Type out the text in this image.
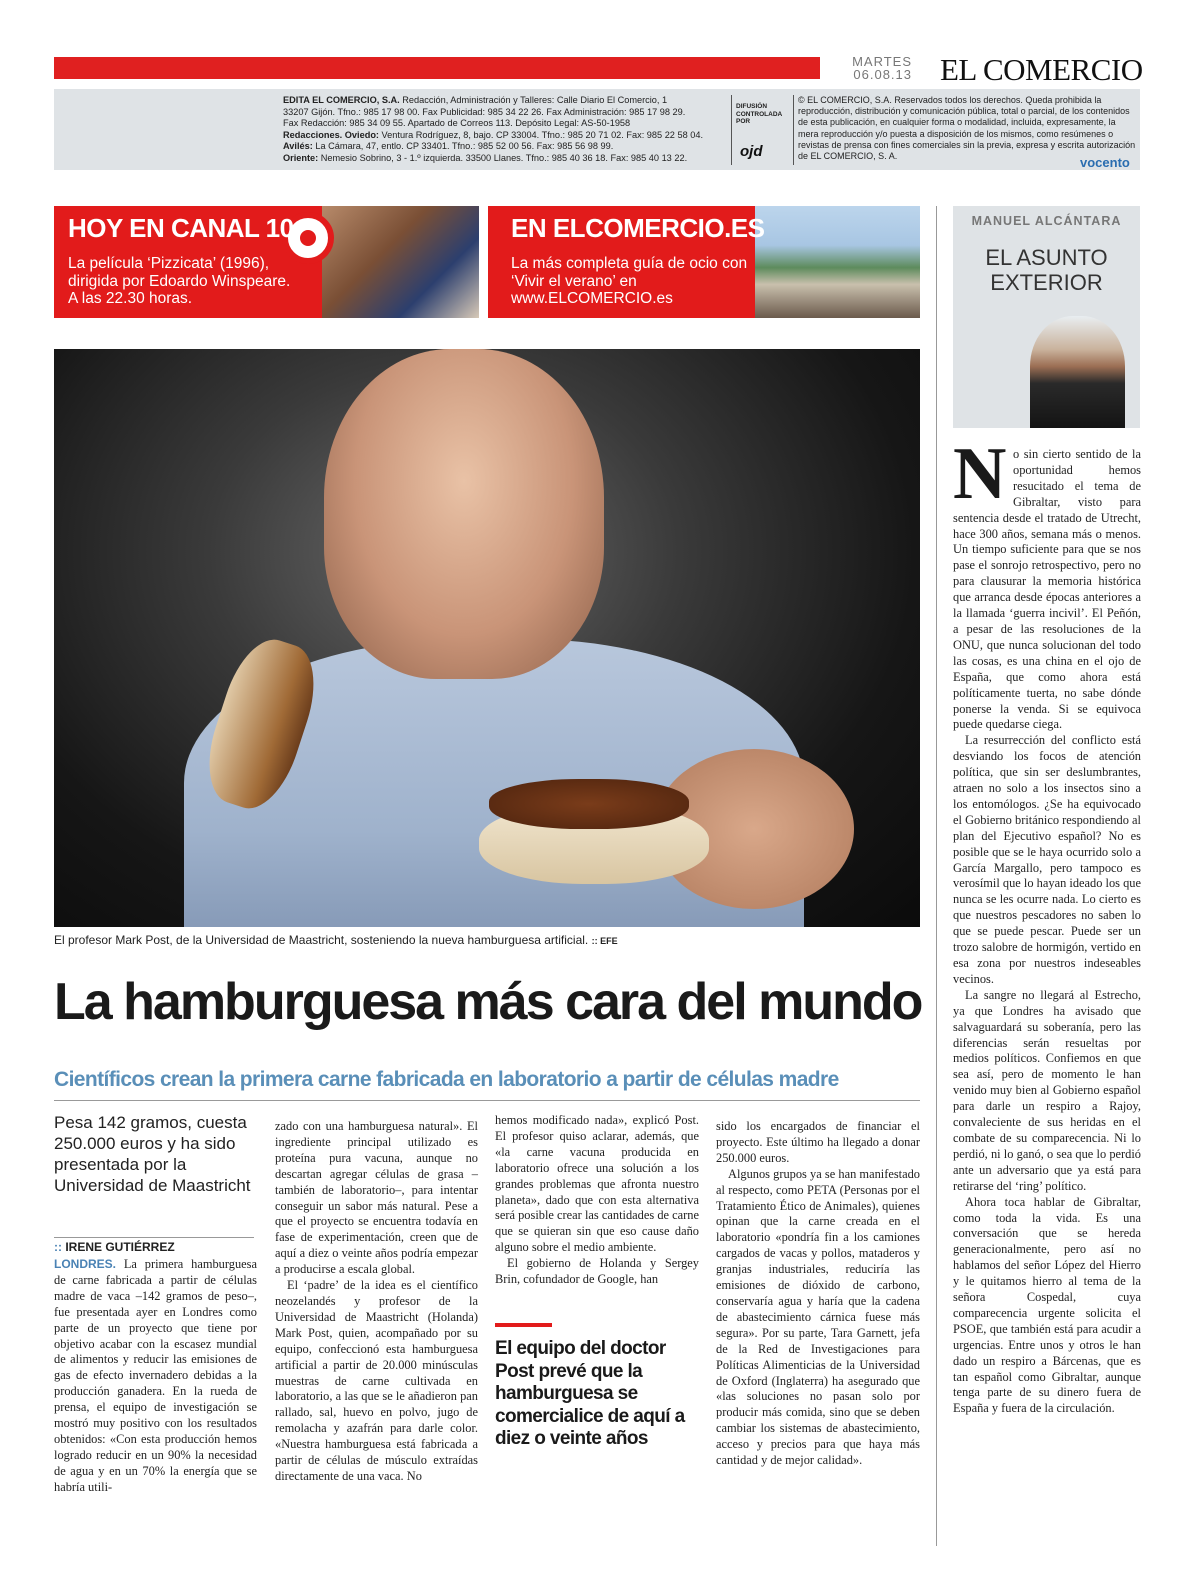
MARTES
06.08.13 EL COMERCIO
EDITA EL COMERCIO, S.A. Redacción, Administración y Talleres: Calle Diario El Comercio, 1
33207 Gijón. Tfno.: 985 17 98 00. Fax Publicidad: 985 34 22 26. Fax Administración: 985 17 98 29.
Fax Redacción: 985 34 09 55. Apartado de Correos 113. Depósito Legal: AS-50-1958
Redacciones. Oviedo: Ventura Rodríguez, 8, bajo. CP 33004. Tfno.: 985 20 71 02. Fax: 985 22 58 04.
Avilés: La Cámara, 47, entlo. CP 33401. Tfno.: 985 52 00 56. Fax: 985 56 98 99.
Oriente: Nemesio Sobrino, 3 - 1.º izquierda. 33500 Llanes. Tfno.: 985 40 36 18. Fax: 985 40 13 22.
DIFUSIÓN CONTROLADA POR
ojd
© EL COMERCIO, S.A. Reservados todos los derechos. Queda prohibida la reproducción, distribución y comunicación pública, total o parcial, de los contenidos de esta publicación, en cualquier forma o modalidad, incluida, expresamente, la mera reproducción y/o puesta a disposición de los mismos, como resúmenes o revistas de prensa con fines comerciales sin la previa, expresa y escrita autorización de EL COMERCIO, S. A.	vocento
HOY EN CANAL 10
La película ‘Pizzicata’ (1996), dirigida por Edoardo Winspeare. A las 22.30 horas.
EN ELCOMERCIO.ES
La más completa guía de ocio con ‘Vivir el verano’ en www.ELCOMERCIO.es
El profesor Mark Post, de la Universidad de Maastricht, sosteniendo la nueva hamburguesa artificial. :: EFE
La hamburguesa más cara del mundo
Científicos crean la primera carne fabricada en laboratorio a partir de células madre
Pesa 142 gramos, cuesta 250.000 euros y ha sido presentada por la Universidad de Maastricht
:: IRENE GUTIÉRREZ

LONDRES. La primera hamburguesa de carne fabricada a partir de células madre de vaca –142 gramos de peso–, fue presentada ayer en Londres como parte de un proyecto que tiene por objetivo acabar con la escasez mundial de alimentos y reducir las emisiones de gas de efecto invernadero debidas a la producción ganadera. En la rueda de prensa, el equipo de investigación se mostró muy positivo con los resultados obtenidos: «Con esta producción hemos logrado reducir en un 90% la necesidad de agua y en un 70% la energía que se habría utili-

zado con una hamburguesa natural». El ingrediente principal utilizado es proteína pura vacuna, aunque no descartan agregar células de grasa –también de laboratorio–, para intentar conseguir un sabor más natural. Pese a que el proyecto se encuentra todavía en fase de experimentación, creen que de aquí a diez o veinte años podría empezar a producirse a escala global.

El ‘padre’ de la idea es el científico neozelandés y profesor de la Universidad de Maastricht (Holanda) Mark Post, quien, acompañado por su equipo, confeccionó esta hamburguesa artificial a partir de 20.000 minúsculas muestras de carne cultivada en laboratorio, a las que se le añadieron pan rallado, sal, huevo en polvo, jugo de remolacha y azafrán para darle color. «Nuestra hamburguesa está fabricada a partir de células de músculo extraídas directamente de una vaca. No

hemos modificado nada», explicó Post. El profesor quiso aclarar, además, que «la carne vacuna producida en laboratorio ofrece una solución a los grandes problemas que afronta nuestro planeta», dado que con esta alternativa será posible crear las cantidades de carne que se quieran sin que eso cause daño alguno sobre el medio ambiente.

El gobierno de Holanda y Sergey Brin, cofundador de Google, han

El equipo del doctor Post prevé que la hamburguesa se comercialice de aquí a diez o veinte años

sido los encargados de financiar el proyecto. Este último ha llegado a donar 250.000 euros.

Algunos grupos ya se han manifestado al respecto, como PETA (Personas por el Tratamiento Ético de Animales), quienes opinan que la carne creada en el laboratorio «pondría fin a los camiones cargados de vacas y pollos, mataderos y granjas industriales, reduciría las emisiones de dióxido de carbono, conservaría agua y haría que la cadena de abastecimiento cárnica fuese más segura». Por su parte, Tara Garnett, jefa de la Red de Investigaciones para Políticas Alimenticias de la Universidad de Oxford (Inglaterra) ha asegurado que «las soluciones no pasan solo por producir más comida, sino que se deben cambiar los sistemas de abastecimiento, acceso y precios para que haya más cantidad y de mejor calidad».

MANUEL ALCÁNTARA
EL ASUNTO EXTERIOR
N o sin cierto sentido de la oportunidad hemos resucitado el tema de Gibraltar, visto para sentencia desde el tratado de Utrecht, hace 300 años, semana más o menos. Un tiempo suficiente para que se nos pase el sonrojo retrospectivo, pero no para clausurar la memoria histórica que arranca desde épocas anteriores a la llamada ‘guerra incivil’. El Peñón, a pesar de las resoluciones de la ONU, que nunca solucionan del todo las cosas, es una china en el ojo de España, que como ahora está políticamente tuerta, no sabe dónde ponerse la venda. Si se equivoca puede quedarse ciega.

La resurrección del conflicto está desviando los focos de atención política, que sin ser deslumbrantes, atraen no solo a los insectos sino a los entomólogos. ¿Se ha equivocado el Gobierno británico respondiendo al plan del Ejecutivo español? No es posible que se le haya ocurrido solo a García Margallo, pero tampoco es verosímil que lo hayan ideado los que nunca se les ocurre nada. Lo cierto es que nuestros pescadores no saben lo que se puede pescar. Puede ser un trozo salobre de hormigón, vertido en esa zona por nuestros indeseables vecinos.

La sangre no llegará al Estrecho, ya que Londres ha avisado que salvaguardará su soberanía, pero las diferencias serán resueltas por medios políticos. Confiemos en que sea así, pero de momento le han venido muy bien al Gobierno español para darle un respiro a Rajoy, convaleciente de sus heridas en el combate de su comparecencia. Ni lo perdió, ni lo ganó, o sea que lo perdió ante un adversario que ya está para retirarse del ‘ring’ político.

Ahora toca hablar de Gibraltar, como toda la vida. Es una conversación que se hereda generacionalmente, pero así no hablamos del señor López del Hierro y le quitamos hierro al tema de la señora Cospedal, cuya comparecencia urgente solicita el PSOE, que también está para acudir a urgencias. Entre unos y otros le han dado un respiro a Bárcenas, que es tan español como Gibraltar, aunque tenga parte de su dinero fuera de España y fuera de la circulación.
